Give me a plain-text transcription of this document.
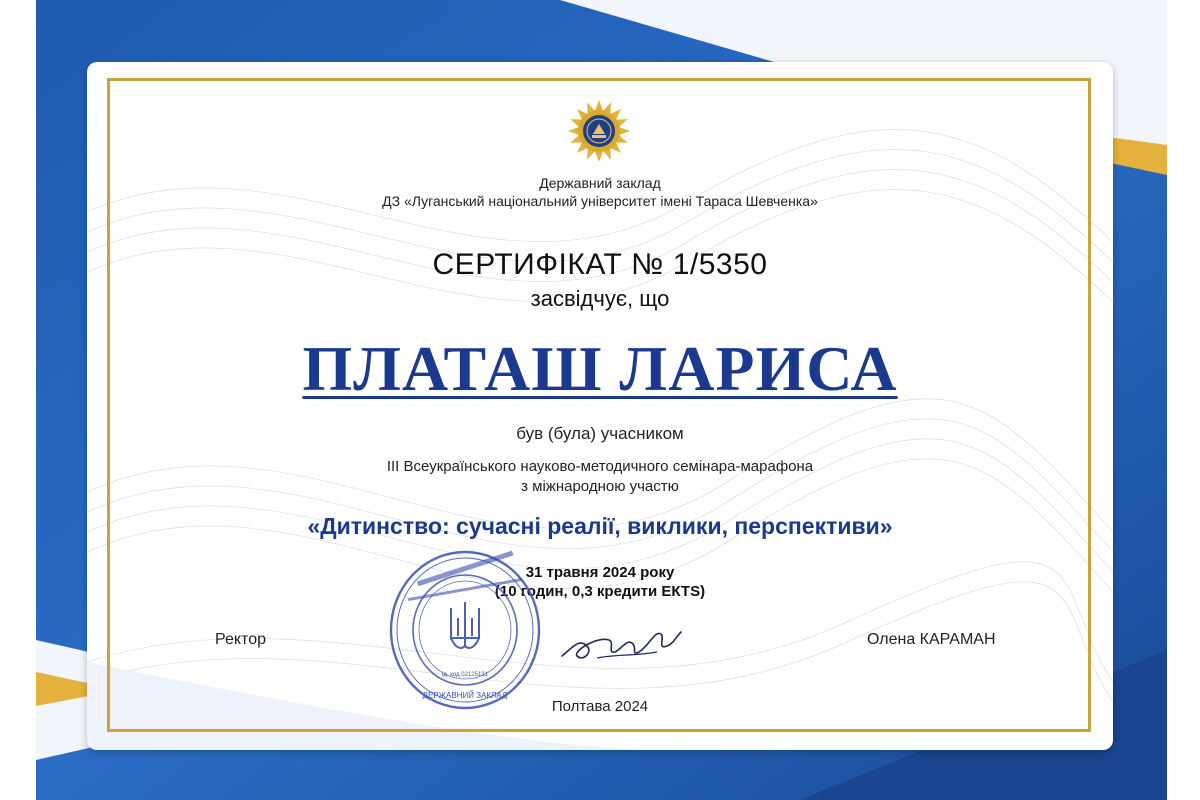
Державний заклад
ДЗ «Луганський національний університет імені Тараса Шевченка»
СЕРТИФІКАТ № 1/5350
засвідчує, що
ПЛАТАШ ЛАРИСА
був (була) учасником
ІІІ Всеукраїнського науково-методичного семінара-марафона
з міжнародною участю
«Дитинство: сучасні реалії, виклики, перспективи»
31 травня 2024 року
(10 годин, 0,3 кредити ЕКТS)
Ректор	Олена КАРАМАН
ДЕРЖАВНИЙ ЗАКЛАД
ід. код 02125131
Полтава 2024
